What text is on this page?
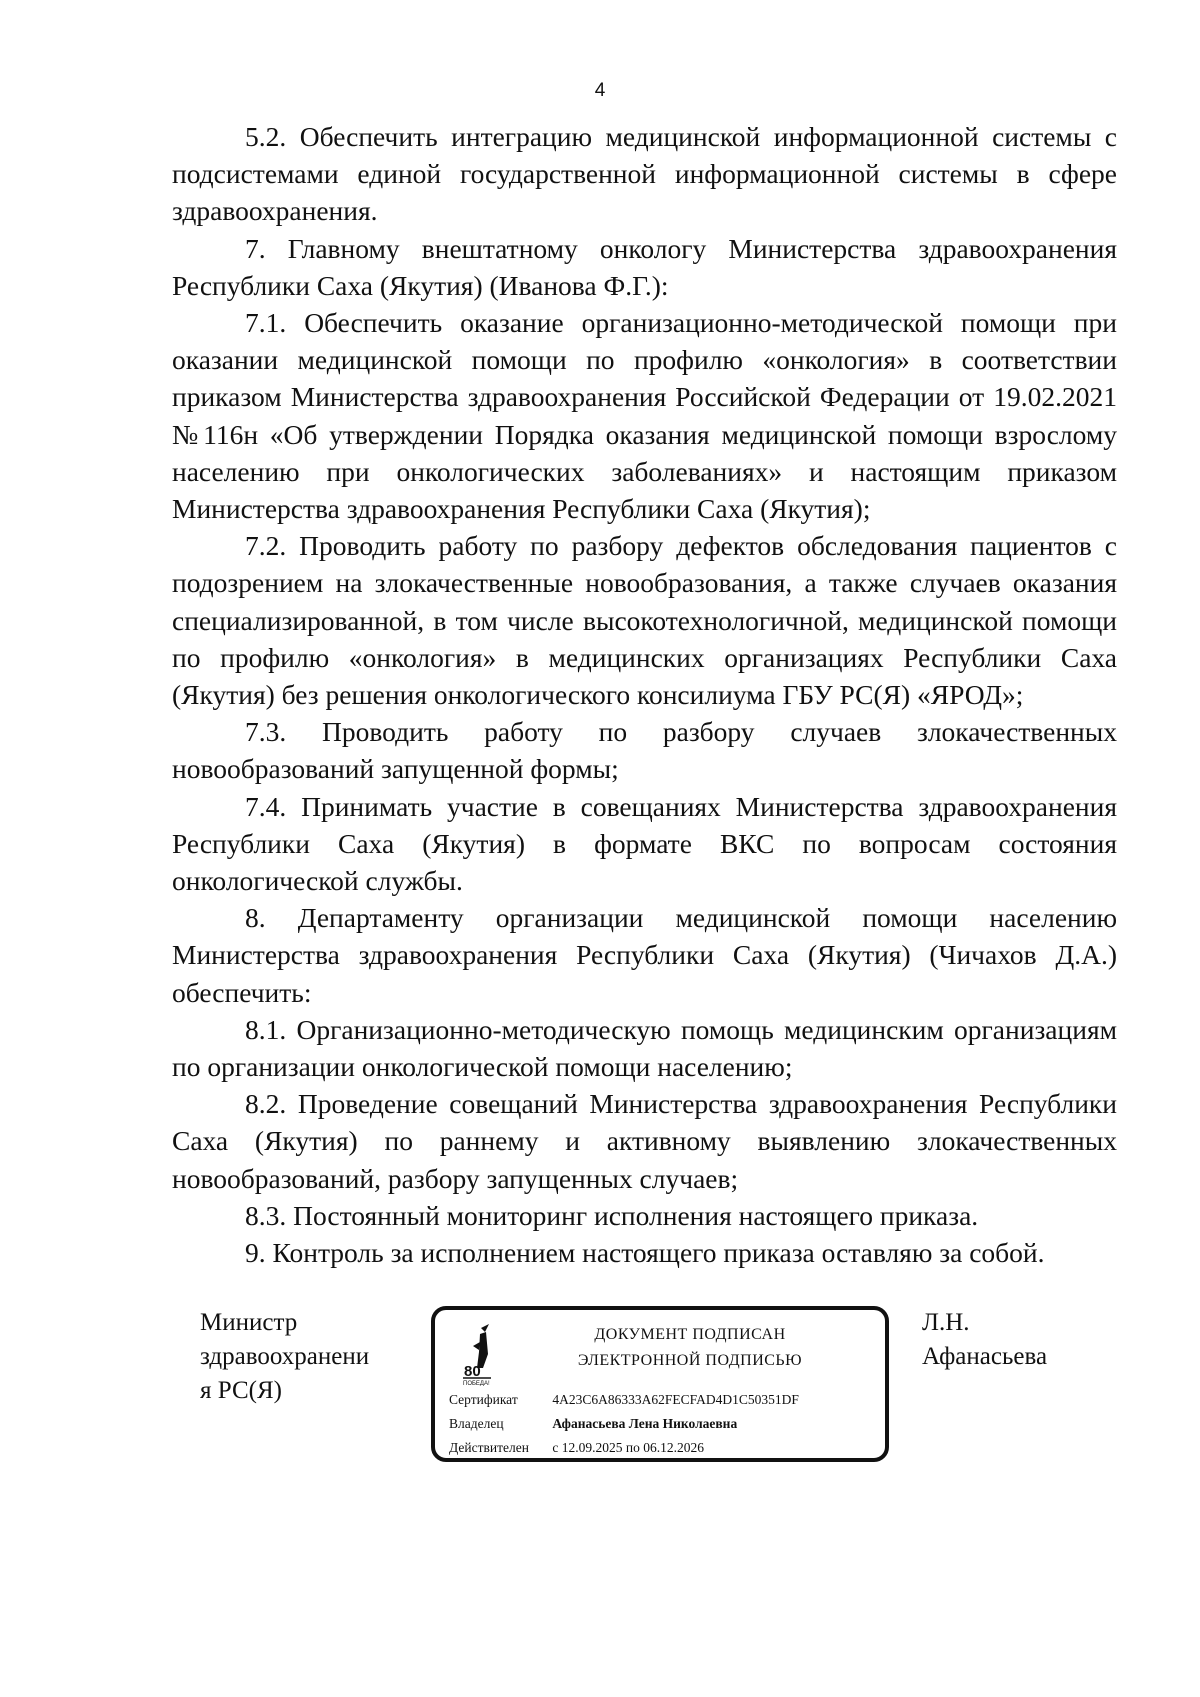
4

5.2. Обеспечить интеграцию медицинской информационной системы с подсистемами единой государственной информационной системы в сфере здравоохранения.

7. Главному внештатному онкологу Министерства здравоохранения Республики Саха (Якутия) (Иванова Ф.Г.):

7.1. Обеспечить оказание организационно-методической помощи при оказании медицинской помощи по профилю «онкология» в соответствии приказом Министерства здравоохранения Российской Федерации от 19.02.2021 №116н «Об утверждении Порядка оказания медицинской помощи взрослому населению при онкологических заболеваниях» и настоящим приказом Министерства здравоохранения Республики Саха (Якутия);

7.2. Проводить работу по разбору дефектов обследования пациентов с подозрением на злокачественные новообразования, а также случаев оказания специализированной, в том числе высокотехнологичной, медицинской помощи по профилю «онкология» в медицинских организациях Республики Саха (Якутия) без решения онкологического консилиума ГБУ РС(Я) «ЯРОД»;

7.3. Проводить работу по разбору случаев злокачественных новообразований запущенной формы;

7.4. Принимать участие в совещаниях Министерства здравоохранения Республики Саха (Якутия) в формате ВКС по вопросам состояния онкологической службы.

8. Департаменту организации медицинской помощи населению Министерства здравоохранения Республики Саха (Якутия) (Чичахов Д.А.) обеспечить:

8.1. Организационно-методическую помощь медицинским организациям по организации онкологической помощи населению;

8.2. Проведение совещаний Министерства здравоохранения Республики Саха (Якутия) по раннему и активному выявлению злокачественных новообразований, разбору запущенных случаев;

8.3. Постоянный мониторинг исполнения настоящего приказа.

9. Контроль за исполнением настоящего приказа оставляю за собой.

Министр
здравоохранени
я РС(Я)
80
ПОБЕДА!
ДОКУМЕНТ ПОДПИСАН
ЭЛЕКТРОННОЙ ПОДПИСЬЮ
Сертификат	4A23C6A86333A62FECFAD4D1C50351DF
Владелец	Афанасьева Лена Николаевна
Действителен с 12.09.2025 по 06.12.2026
Л.Н.
Афанасьева
